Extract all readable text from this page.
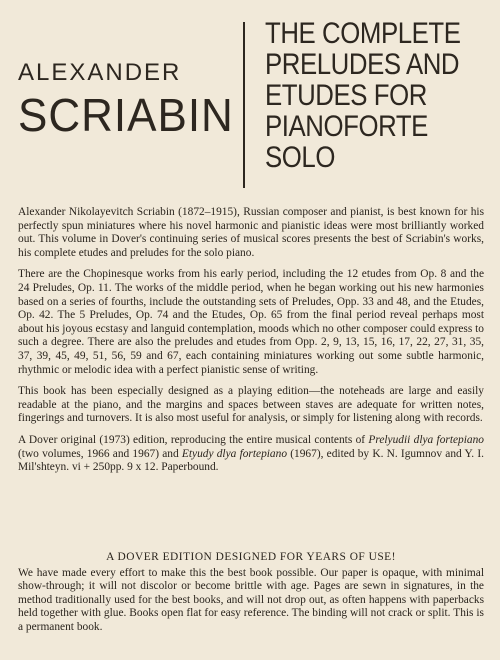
ALEXANDER
SCRIABIN
THE COMPLETE
PRELUDES AND
ETUDES FOR
PIANOFORTE
SOLO

Alexander Nikolayevitch Scriabin (1872–1915), Russian composer and pianist, is best known for his perfectly spun miniatures where his novel harmonic and pianistic ideas were most brilliantly worked out. This volume in Dover's continuing series of musical scores presents the best of Scriabin's works, his complete etudes and preludes for the solo piano.

There are the Chopinesque works from his early period, including the 12 etudes from Op. 8 and the 24 Preludes, Op. 11. The works of the middle period, when he began working out his new harmonies based on a series of fourths, include the outstanding sets of Preludes, Opp. 33 and 48, and the Etudes, Op. 42. The 5 Preludes, Op. 74 and the Etudes, Op. 65 from the final period reveal perhaps most about his joyous ecstasy and languid contemplation, moods which no other composer could express to such a degree. There are also the preludes and etudes from Opp. 2, 9, 13, 15, 16, 17, 22, 27, 31, 35, 37, 39, 45, 49, 51, 56, 59 and 67, each containing miniatures working out some subtle harmonic, rhythmic or melodic idea with a perfect pianistic sense of writing.

This book has been especially designed as a playing edition—the noteheads are large and easily readable at the piano, and the margins and spaces between staves are adequate for written notes, fingerings and turnovers. It is also most useful for analysis, or simply for listening along with records.

A Dover original (1973) edition, reproducing the entire musical contents of Prelyudii dlya fortepiano (two volumes, 1966 and 1967) and Etyudy dlya fortepiano (1967), edited by K. N. Igumnov and Y. I. Mil'shteyn. vi + 250pp. 9 x 12. Paperbound.

A DOVER EDITION DESIGNED FOR YEARS OF USE!

We have made every effort to make this the best book possible. Our paper is opaque, with minimal show-through; it will not discolor or become brittle with age. Pages are sewn in signatures, in the method traditionally used for the best books, and will not drop out, as often happens with paperbacks held together with glue. Books open flat for easy reference. The binding will not crack or split. This is a permanent book.
